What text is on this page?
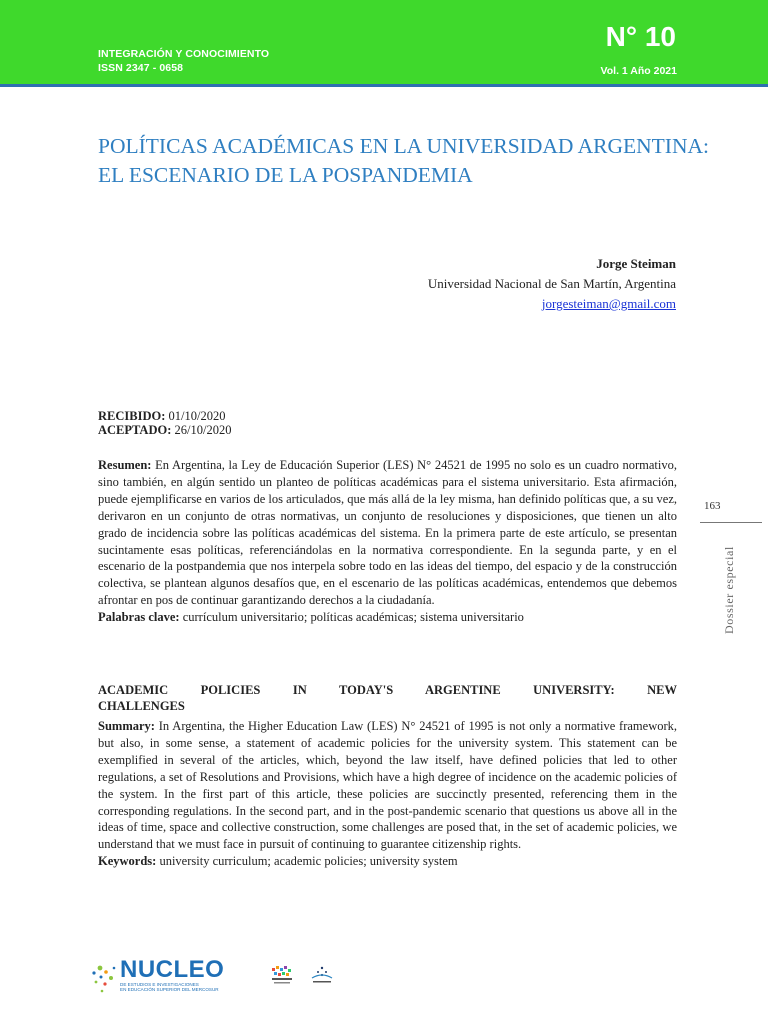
INTEGRACIÓN Y CONOCIMIENTO
ISSN 2347 - 0658
N° 10
Vol. 1 Año 2021
POLÍTICAS ACADÉMICAS EN LA UNIVERSIDAD ARGENTINA: EL ESCENARIO DE LA POSPANDEMIA
Jorge Steiman
Universidad Nacional de San Martín, Argentina
jorgesteiman@gmail.com
RECIBIDO: 01/10/2020
ACEPTADO: 26/10/2020

Resumen: En Argentina, la Ley de Educación Superior (LES) N° 24521 de 1995 no solo es un cuadro normativo, sino también, en algún sentido un planteo de políticas académicas para el sistema universitario. Esta afirmación, puede ejemplificarse en varios de los articulados, que más allá de la ley misma, han definido políticas que, a su vez, derivaron en un conjunto de otras normativas, un conjunto de resoluciones y disposiciones, que tienen un alto grado de incidencia sobre las políticas académicas del sistema. En la primera parte de este artículo, se presentan sucintamente esas políticas, referenciándolas en la normativa correspondiente. En la segunda parte, y en el escenario de la postpandemia que nos interpela sobre todo en las ideas del tiempo, del espacio y de la construcción colectiva, se plantean algunos desafíos que, en el escenario de las políticas académicas, entendemos que debemos afrontar en pos de continuar garantizando derechos a la ciudadanía.

Palabras clave: currículum universitario; políticas académicas; sistema universitario

ACADEMIC POLICIES IN TODAY'S ARGENTINE UNIVERSITY: NEW
CHALLENGES

Summary: In Argentina, the Higher Education Law (LES) N° 24521 of 1995 is not only a normative framework, but also, in some sense, a statement of academic policies for the university system. This statement can be exemplified in several of the articles, which, beyond the law itself, have defined policies that led to other regulations, a set of Resolutions and Provisions, which have a high degree of incidence on the academic policies of the system. In the first part of this article, these policies are succinctly presented, referencing them in the corresponding regulations. In the second part, and in the post-pandemic scenario that questions us above all in the ideas of time, space and collective construction, some challenges are posed that, in the set of academic policies, we understand that we must face in pursuit of continuing to guarantee citizenship rights.

Keywords: university curriculum; academic policies; university system

163
Dossier especial
NUCLEO
DE ESTUDIOS E INVESTIGACIONES
EN EDUCACIÓN SUPERIOR DEL MERCOSUR
